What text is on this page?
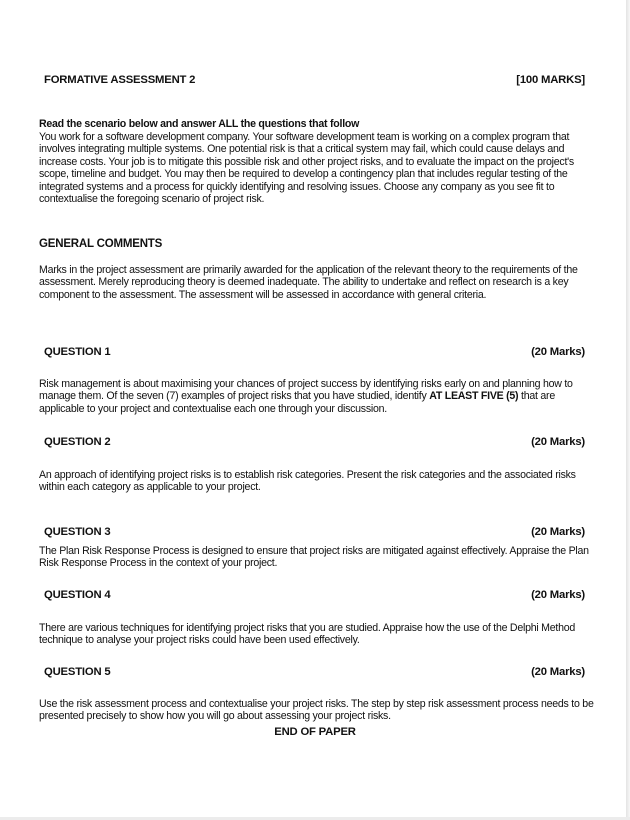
FORMATIVE ASSESSMENT 2	[100 MARKS]
Read the scenario below and answer ALL the questions that follow
You work for a software development company. Your software development team is working on a complex program that involves integrating multiple systems. One potential risk is that a critical system may fail, which could cause delays and increase costs. Your job is to mitigate this possible risk and other project risks, and to evaluate the impact on the project's scope, timeline and budget. You may then be required to develop a contingency plan that includes regular testing of the integrated systems and a process for quickly identifying and resolving issues. Choose any company as you see fit to contextualise the foregoing scenario of project risk.
GENERAL COMMENTS
Marks in the project assessment are primarily awarded for the application of the relevant theory to the requirements of the assessment. Merely reproducing theory is deemed inadequate. The ability to undertake and reflect on research is a key component to the assessment. The assessment will be assessed in accordance with general criteria.
QUESTION 1	(20 Marks)
Risk management is about maximising your chances of project success by identifying risks early on and planning how to manage them. Of the seven (7) examples of project risks that you have studied, identify AT LEAST FIVE (5) that are applicable to your project and contextualise each one through your discussion.
QUESTION 2	(20 Marks)
An approach of identifying project risks is to establish risk categories. Present the risk categories and the associated risks within each category as applicable to your project.
QUESTION 3	(20 Marks)
The Plan Risk Response Process is designed to ensure that project risks are mitigated against effectively. Appraise the Plan Risk Response Process in the context of your project.
QUESTION 4	(20 Marks)
There are various techniques for identifying project risks that you are studied. Appraise how the use of the Delphi Method technique to analyse your project risks could have been used effectively.
QUESTION 5	(20 Marks)
Use the risk assessment process and contextualise your project risks. The step by step risk assessment process needs to be presented precisely to show how you will go about assessing your project risks.
END OF PAPER
